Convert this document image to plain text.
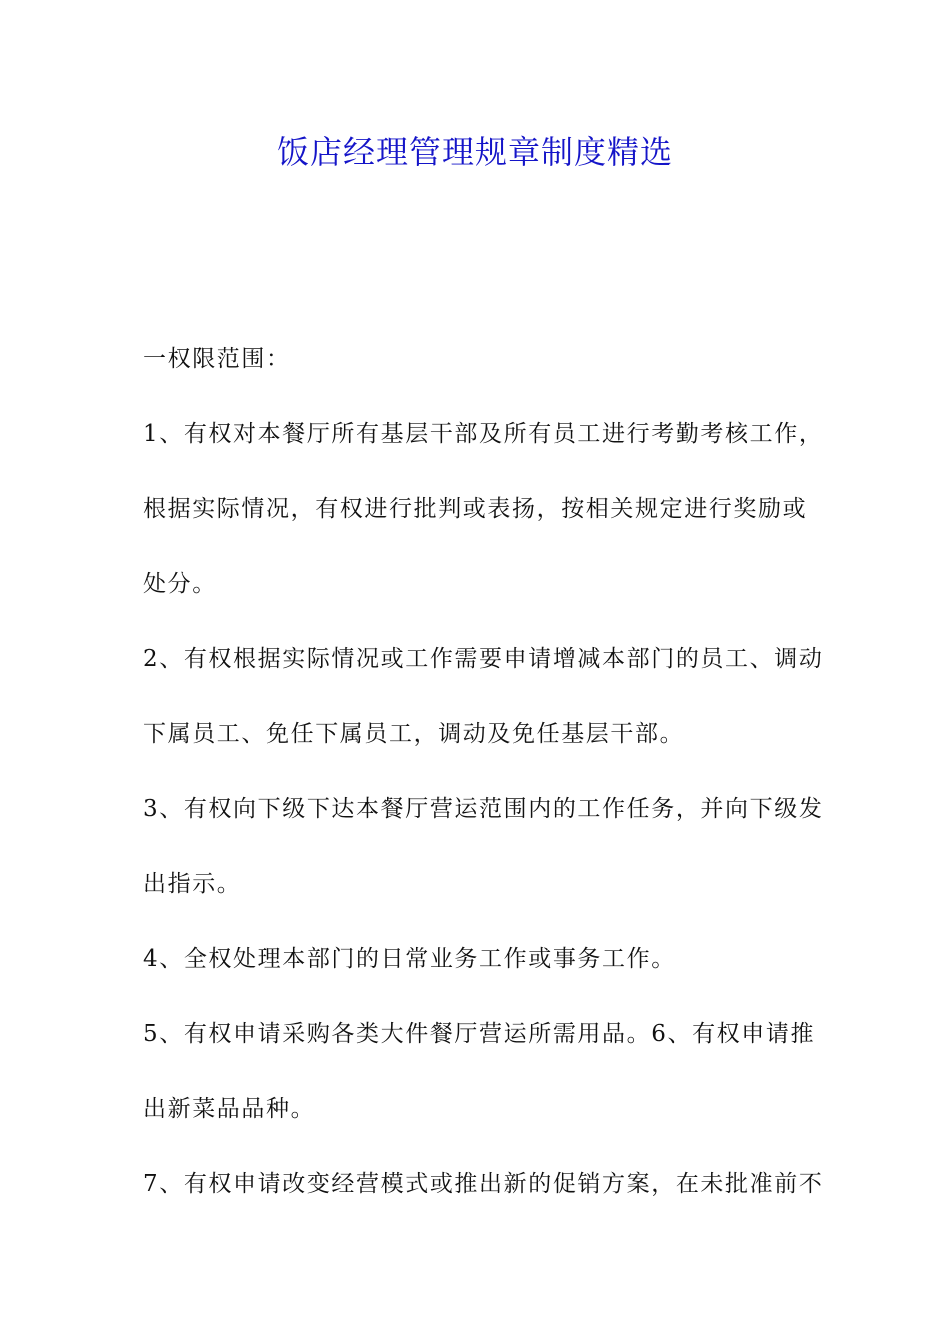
饭店经理管理规章制度精选
一权限范围：
1、有权对本餐厅所有基层干部及所有员工进行考勤考核工作，
根据实际情况，有权进行批判或表扬，按相关规定进行奖励或
处分。
2、有权根据实际情况或工作需要申请增减本部门的员工、调动
下属员工、免任下属员工，调动及免任基层干部。
3、有权向下级下达本餐厅营运范围内的工作任务，并向下级发
出指示。
4、全权处理本部门的日常业务工作或事务工作。
5、有权申请采购各类大件餐厅营运所需用品。6、有权申请推
出新菜品品种。
7、有权申请改变经营模式或推出新的促销方案，在未批准前不
